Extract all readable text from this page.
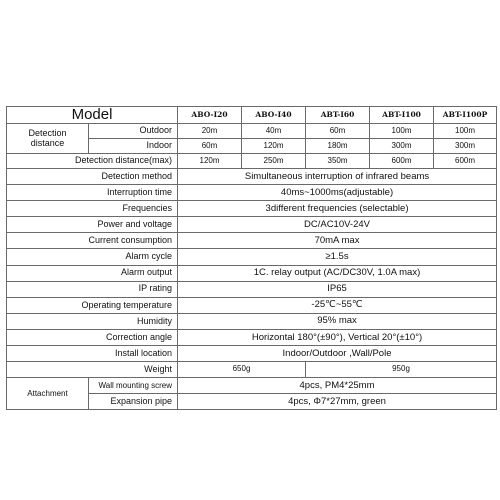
Model		ABO-I20	ABO-I40	ABT-I60	ABT-I100	ABT-I100P
Detection
distance	Outdoor	20m	40m	60m	100m	100m
	Indoor	60m	120m	180m	300m	300m
Detection distance(max)		120m	250m	350m	600m	600m
Detection method		Simultaneous interruption of infrared beams				
Interruption time		40ms~1000ms(adjustable)				
Frequencies		3different frequencies (selectable)				
Power and voltage		DC/AC10V-24V				
Current consumption		70mA max				
Alarm cycle		≥1.5s				
Alarm output		1C. relay output (AC/DC30V, 1.0A max)				
IP rating		IP65				
Operating temperature		-25℃~55℃				
Humidity		95% max				
Correction angle		Horizontal 180°(±90°), Vertical 20°(±10°)				
Install location		Indoor/Outdoor ,Wall/Pole				
Weight		650g		950g		
Attachment	Wall mounting screw	4pcs, PM4*25mm				
	Expansion pipe	4pcs, Φ7*27mm, green				
